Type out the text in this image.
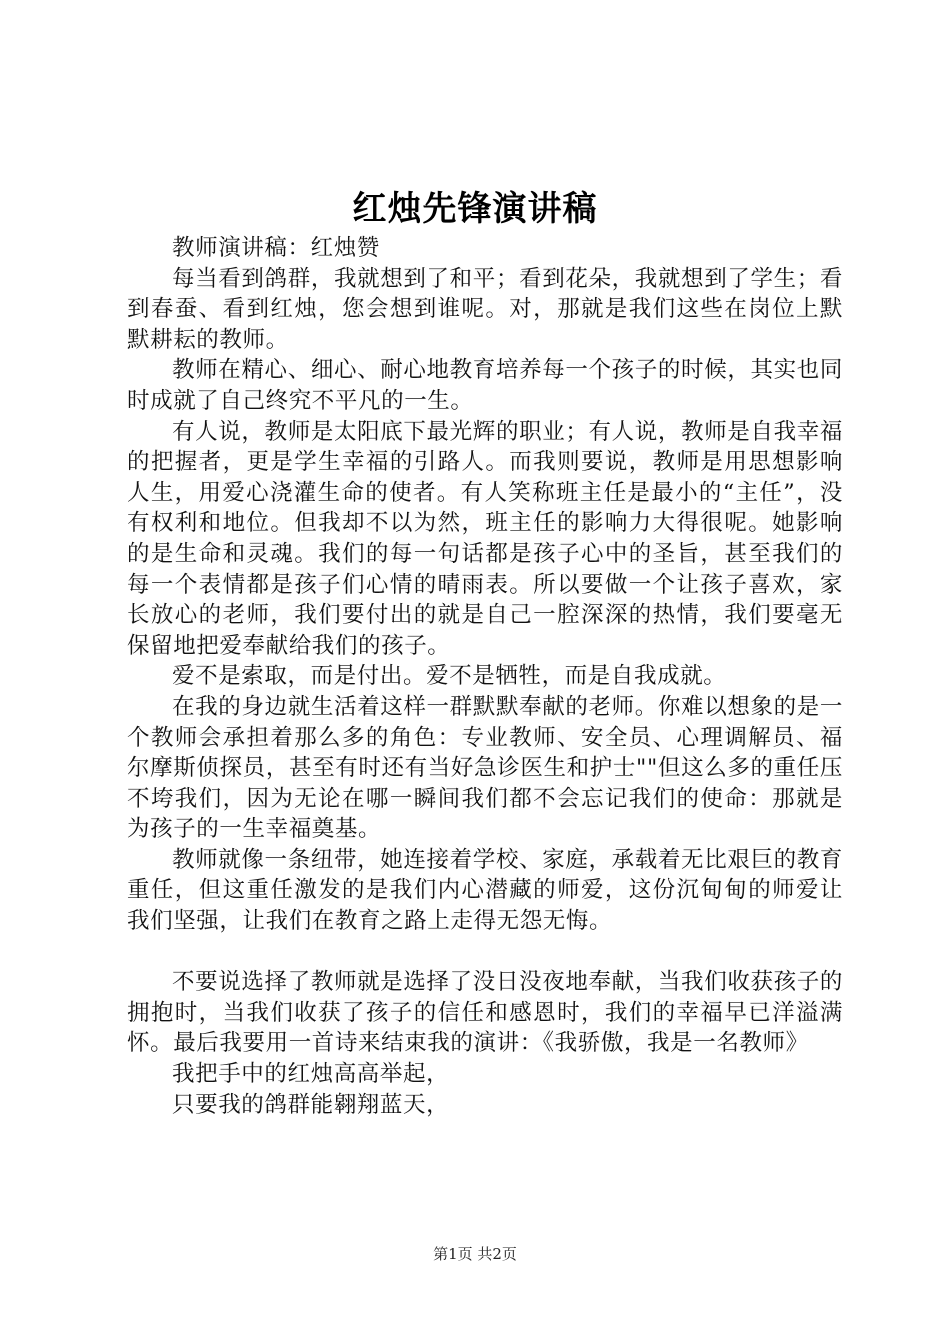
红烛先锋演讲稿

教师演讲稿：红烛赞

每当看到鸽群，我就想到了和平；看到花朵，我就想到了学生；看到春蚕、看到红烛，您会想到谁呢。对，那就是我们这些在岗位上默默耕耘的教师。

教师在精心、细心、耐心地教育培养每一个孩子的时候，其实也同时成就了自己终究不平凡的一生。

有人说，教师是太阳底下最光辉的职业；有人说，教师是自我幸福的把握者，更是学生幸福的引路人。而我则要说，教师是用思想影响人生，用爱心浇灌生命的使者。有人笑称班主任是最小的“主任”，没有权利和地位。但我却不以为然，班主任的影响力大得很呢。她影响的是生命和灵魂。我们的每一句话都是孩子心中的圣旨，甚至我们的每一个表情都是孩子们心情的晴雨表。所以要做一个让孩子喜欢，家长放心的老师，我们要付出的就是自己一腔深深的热情，我们要毫无保留地把爱奉献给我们的孩子。

爱不是索取，而是付出。爱不是牺牲，而是自我成就。

在我的身边就生活着这样一群默默奉献的老师。你难以想象的是一个教师会承担着那么多的角色：专业教师、安全员、心理调解员、福尔摩斯侦探员，甚至有时还有当好急诊医生和护士""但这么多的重任压不垮我们，因为无论在哪一瞬间我们都不会忘记我们的使命：那就是为孩子的一生幸福奠基。

教师就像一条纽带，她连接着学校、家庭，承载着无比艰巨的教育重任，但这重任激发的是我们内心潜藏的师爱，这份沉甸甸的师爱让我们坚强，让我们在教育之路上走得无怨无悔。

不要说选择了教师就是选择了没日没夜地奉献，当我们收获孩子的拥抱时，当我们收获了孩子的信任和感恩时，我们的幸福早已洋溢满怀。最后我要用一首诗来结束我的演讲：《我骄傲，我是一名教师》

我把手中的红烛高高举起，

只要我的鸽群能翱翔蓝天，

第1页 共2页
